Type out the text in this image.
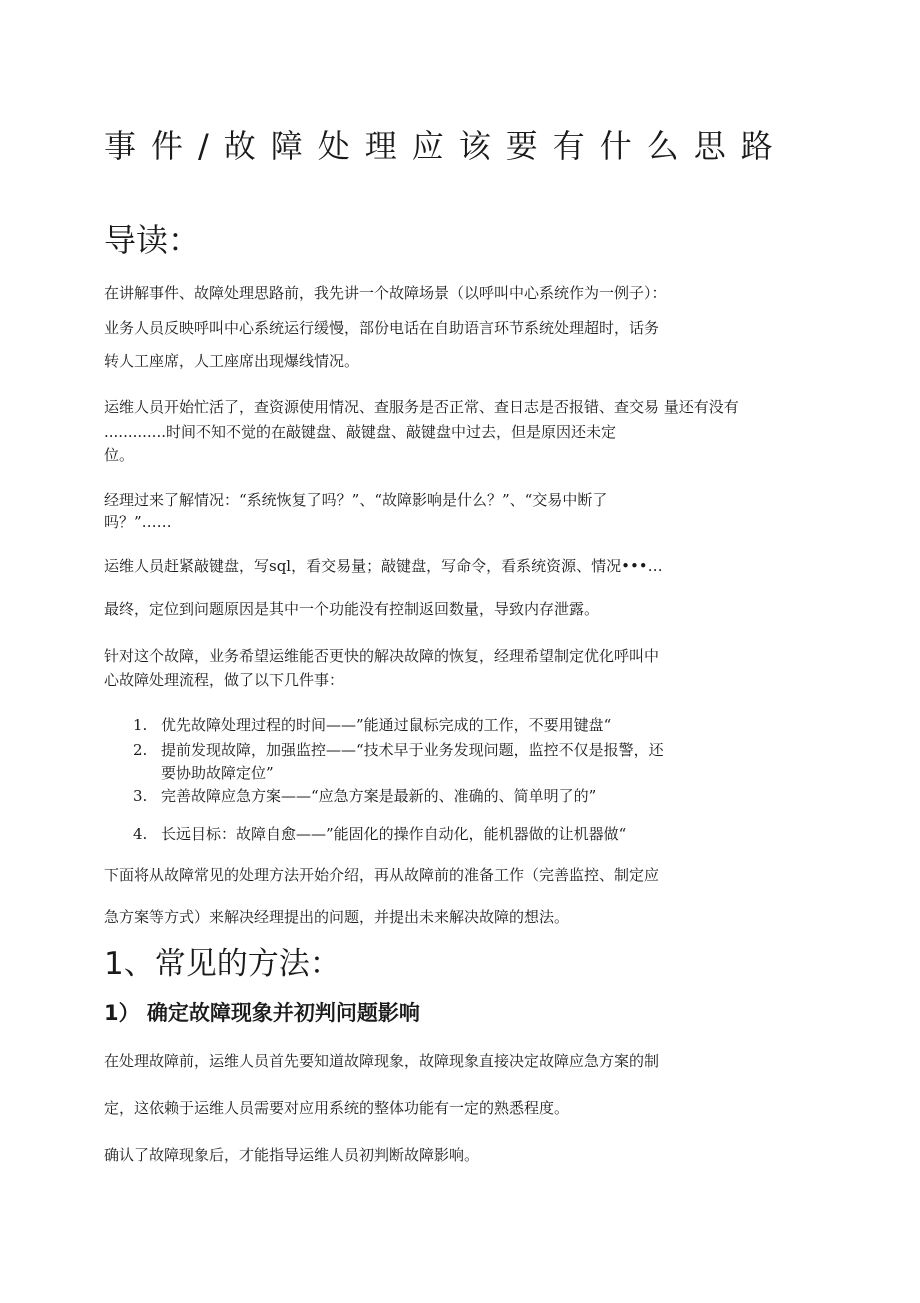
事件/故障处理应该要有什么思路
导读：

在讲解事件、故障处理思路前，我先讲一个故障场景（以呼叫中心系统作为一例子）：

业务人员反映呼叫中心系统运行缓慢，部份电话在自助语言环节系统处理超时，话务

转人工座席，人工座席出现爆线情况。

运维人员开始忙活了，查资源使用情况、查服务是否正常、查日志是否报错、查交易 量还有没有

.............时间不知不觉的在敲键盘、敲键盘、敲键盘中过去，但是原因还未定

位。

经理过来了解情况：“系统恢复了吗？”、“故障影响是什么？”、“交易中断了

吗？”……

运维人员赶紧敲键盘，写sql，看交易量；敲键盘，写命令，看系统资源、情况•••…

最终，定位到问题原因是其中一个功能没有控制返回数量，导致内存泄露。

针对这个故障，业务希望运维能否更快的解决故障的恢复，经理希望制定优化呼叫中

心故障处理流程，做了以下几件事：

1. 优先故障处理过程的时间——”能通过鼠标完成的工作，不要用键盘“
2. 提前发现故障，加强监控——“技术早于业务发现问题，监控不仅是报警，还
要协助故障定位”
3. 完善故障应急方案——“应急方案是最新的、准确的、简单明了的”
4. 长远目标：故障自愈——”能固化的操作自动化，能机器做的让机器做“

下面将从故障常见的处理方法开始介绍，再从故障前的准备工作（完善监控、制定应

急方案等方式）来解决经理提出的问题，并提出未来解决故障的想法。

1、常见的方法：
1） 确定故障现象并初判问题影响

在处理故障前，运维人员首先要知道故障现象，故障现象直接决定故障应急方案的制

定，这依赖于运维人员需要对应用系统的整体功能有一定的熟悉程度。

确认了故障现象后，才能指导运维人员初判断故障影响。
